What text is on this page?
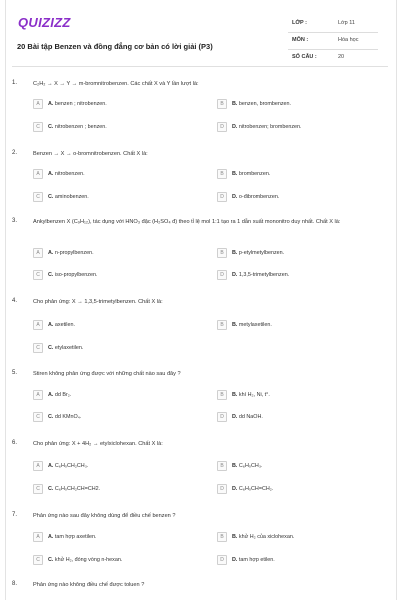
QUIZIZZ
20 Bài tập Benzen và đồng đẳng cơ bản có lời giải (P3)
LỚP :	Lớp 11
MÔN :	Hóa học
SỐ CÂU :	20
1.	C₂H₂ → X → Y → m-bromnitrobenzen. Các chất X và Y lần lượt là:
A	A. benzen ; nitrobenzen.	B	B. benzen, brombenzen.
C	C. nitrobenzen ; benzen.	D	D. nitrobenzen; brombenzen.
2.	Benzen → X → o-bromnitrobenzen. Chất X là:
A	A. nitrobenzen.	B	B. brombenzen.
C	C. aminobenzen.	D	D. o-đibrombenzen.
3.	Ankylbenzen X (C₉H₁₂), tác dụng với HNO₃ đặc (H₂SO₄ đ) theo tỉ lệ mol 1:1 tạo ra 1 dẫn xuất mononitro duy nhất. Chất X là:
A	A. n-propylbenzen.	B	B. p-etylmetylbenzen.
C	C. iso-propylbenzen.	D	D. 1,3,5-trimetylbenzen.
4.	Cho phản ứng: X → 1,3,5-trimetylbenzen. Chất X là:
A	A. axetilen.	B	B. metylaxetilen.
C	C. etylaxetilen.
5.	Stiren không phản ứng được với những chất nào sau đây ?
A	A. dd Br₂.	B	B. khí H₂, Ni, t°.
C	C. dd KMnO₄.	D	D. dd NaOH.
6.	Cho phản ứng: X + 4H₂ → etylxiclohexan. Chất X là:
A	A. C₆H₅CH₂CH₃.	B	B. C₆H₅CH₃.
C	C. C₆H₅CH₂CH=CH2.	D	D. C₆H₅CH=CH₂.
7.	Phản ứng nào sau đây không dùng để điều chế benzen ?
A	A. tam hợp axetilen.	B	B. khử H₂ của xiclohexan.
C	C. khử H₂, đóng vòng n-hexan.	D	D. tam hợp etilen.
8.	Phản ứng nào không điều chế được toluen ?
